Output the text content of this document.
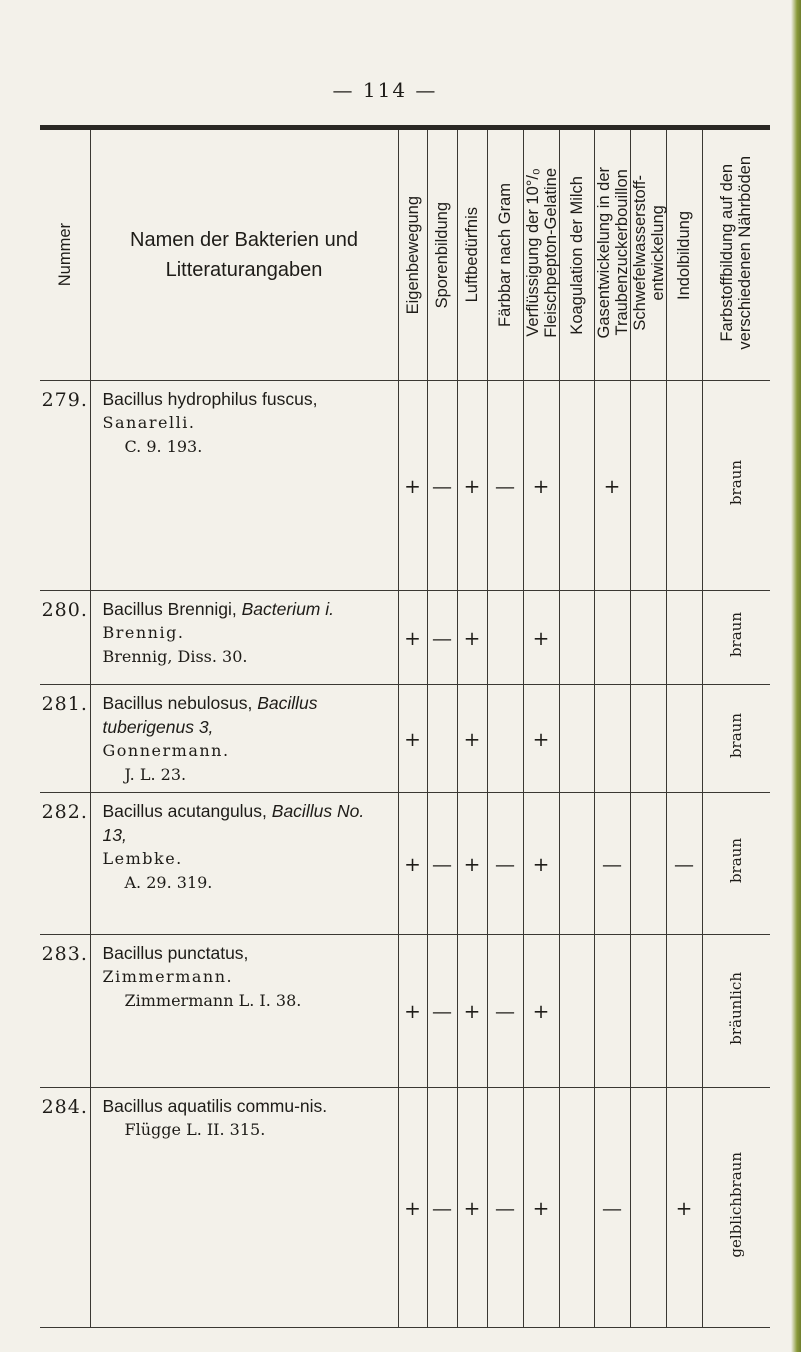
— 114 —

Nummer	Namen der Bakterien und
Litteraturangaben	Eigenbewegung	Sporenbildung	Luftbedürfnis	Färbbar nach Gram	Verflüssigung der 10°/₀ Fleischpepton-Gelatine	Koagulation der Milch	Gasentwickelung in der Traubenzuckerbouillon	Schwefelwasserstoff- entwickelung	Indolbildung	Farbstoffbildung auf den verschiedenen Nährböden

279.	Bacillus hydrophilus fuscus,
Sanarelli.
C. 9. 193.	+	—	+	—	+		+			braun
280.	Bacillus Brennigi, Bacterium i.
Brennig.
Brennig, Diss. 30.	+	—	+		+					braun
281.	Bacillus nebulosus, Bacillus tuberigenus 3,
Gonnermann.
J. L. 23.	+		+		+					braun
282.	Bacillus acutangulus, Bacillus No. 13,
Lembke.
A. 29. 319.	+	—	+	—	+		—		—	braun
283.	Bacillus punctatus,
Zimmermann.
Zimmermann L. I. 38.	+	—	+	—	+					bräunlich
284.	Bacillus aquatilis commu-nis.
Flügge L. II. 315.	+	—	+	—	+		—		+	gelblichbraun
